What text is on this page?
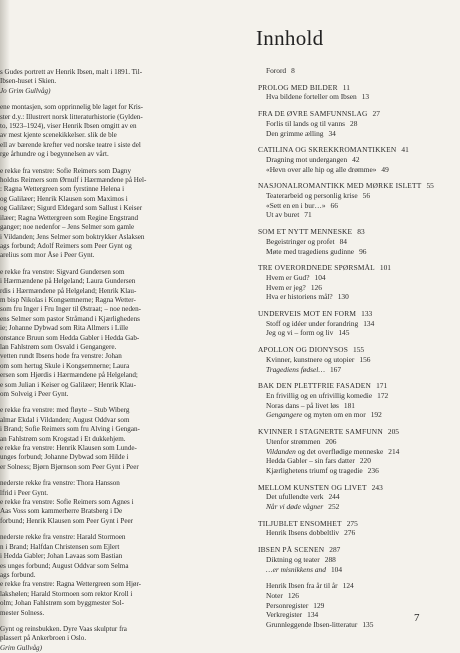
s Gudes portrett av Henrik Ibsen, malt i 1891. Til-
Ibsen-huset i Skien.
Jo Grim Gullvåg)
ene montasjen, som opprinnelig ble laget for Kris-
ster d.y.: Illustrert norsk litteraturhistorie (Gylden-
to, 1923–1924), viser Henrik Ibsen omgitt av en
av mest kjente scenekikkelser. slik de ble
ell av bærende krefter ved norske teatre i siste del
rge århundre og i begynnelsen av vårt.
e rekke fra venstre: Sofie Reimers som Dagny
holdus Reimers som Ørnulf i Hærmændene på Hel-
: Ragna Wettergreen som fyrstinne Helena i
og Galilæer; Henrik Klausen som Maximos i
og Galilæer; Sigurd Eldegard som Sallust i Keiser
ilæer; Ragna Wettergreen som Regine Engstrand
ganger; noe nedenfor – Jens Selmer som gamle
i Vildanden; Jens Selmer som boktrykker Aslaksen
ags forbund; Adolf Reimers som Peer Gynt og
arelius som mor Åse i Peer Gynt.
e rekke fra venstre: Sigvard Gundersen som
i Hærmændene på Helgeland; Laura Gundersen
rdis i Hærmændene på Helgeland; Henrik Klau-
m bisp Nikolas i Kongsemnerne; Ragna Wetter-
som fru Inger i Fru Inger til Østraat; – noe neden-
ens Selmer som pastor Stråmand i Kjærlighedens
ie; Johanne Dybwad som Rita Allmers i Lille
onstance Bruun som Hedda Gabler i Hedda Gab-
lan Fahlstrøm som Osvald i Gengangere.
vetten rundt Ibsens hode fra venstre: Johan
om som hertug Skule i Kongsemnerne; Laura
ersen som Hjørdis i Hærmændene på Helgeland;
e som Julian i Keiser og Galilæer; Henrik Klau-
om Solveig i Peer Gynt.
e rekke fra venstre: med fløyte – Stub Wiberg
almar Ekdal i Vildanden; August Oddvar som
i Brand; Sofie Reimers som fru Alving i Gengan-
an Fahlstrøm som Krogstad i Et dukkehjem.
e rekke fra venstre: Henrik Klausen som Lunde-
unges forbund; Johanne Dybwad som Hilde i
er Solness; Bjørn Bjørnson som Peer Gynt i Peer
nederste rekke fra venstre: Thora Hansson
lfrid i Peer Gynt.
e rekke fra venstre: Sofie Reimers som Agnes i
Aas Voss som kammerherre Bratsberg i De
forbund; Henrik Klausen som Peer Gynt i Peer
nederste rekke fra venstre: Harald Stormoen
n i Brand; Halfdan Christensen som Ejlert
i Hedda Gabler; Johan Lavaas som Bastian
es unges forbund; August Oddvar som Selma
ags forbund.
e rekke fra venstre: Ragna Wettergreen som Hjør-
lakshølen; Harald Stormoen som rektor Kroll i
olm; Johan Fahlstrøm som byggmester Sol-
mester Solness.
Gynt og reinsbukken. Dyre Vaas skulptur fra
plassert på Ankerbroen i Oslo.
Grim Gullvåg)
Innhold
Forord 8
PROLOG MED BILDER 11
Hva bildene forteller om Ibsen 13
FRA DE ØVRE SAMFUNNSLAG 27
Forlis til lands og til vanns 28
Den grimme ælling 34
CATILINA OG SKREKKROMANTIKKEN 41
Dragning mot undergangen 42
«Hevn over alle hip og alle drømme» 49
NASJONALROMANTIKK MED MØRKE ISLETT 55
Teaterarbeid og personlig krise 56
«Sett en en i bur…» 66
Ut av buret 71
SOM ET NYTT MENNESKE 83
Begeistringer og profet 84
Møte med tragediens gudinne 96
TRE OVERORDNEDE SPØRSMÅL 101
Hvem er Gud? 104
Hvem er jeg? 126
Hva er historiens mål? 130
UNDERVEIS MOT EN FORM 133
Stoff og idéer under forandring 134
Jeg og vi – form og liv 145
APOLLON OG DIONYSOS 155
Kvinner, kunstnere og utopier 156
Tragediens fødsel… 167
BAK DEN PLETTFRIE FASADEN 171
En frivillig og en ufrivillig komedie 172
Noras dans – på livet løs 181
Gengangere og myten om en mor 192
KVINNER I STAGNERTE SAMFUNN 205
Utenfor strømmen 206
Vildanden og det overflødige menneske 214
Hedda Gabler – sin fars datter 220
Kjærlighetens triumf og tragedie 236
MELLOM KUNSTEN OG LIVET 243
Det ufullendte verk 244
Når vi døde vågner 252
TILJUBLET ENSOMHET 275
Henrik Ibsens dobbeltliv 276
IBSEN PÅ SCENEN 287
Diktning og teater 288
…er misnikkens and 104
Henrik Ibsen fra år til år 124
Noter 126
Personregister 129
Verkregister 134
Grunnleggende Ibsen-litteratur 135
7
